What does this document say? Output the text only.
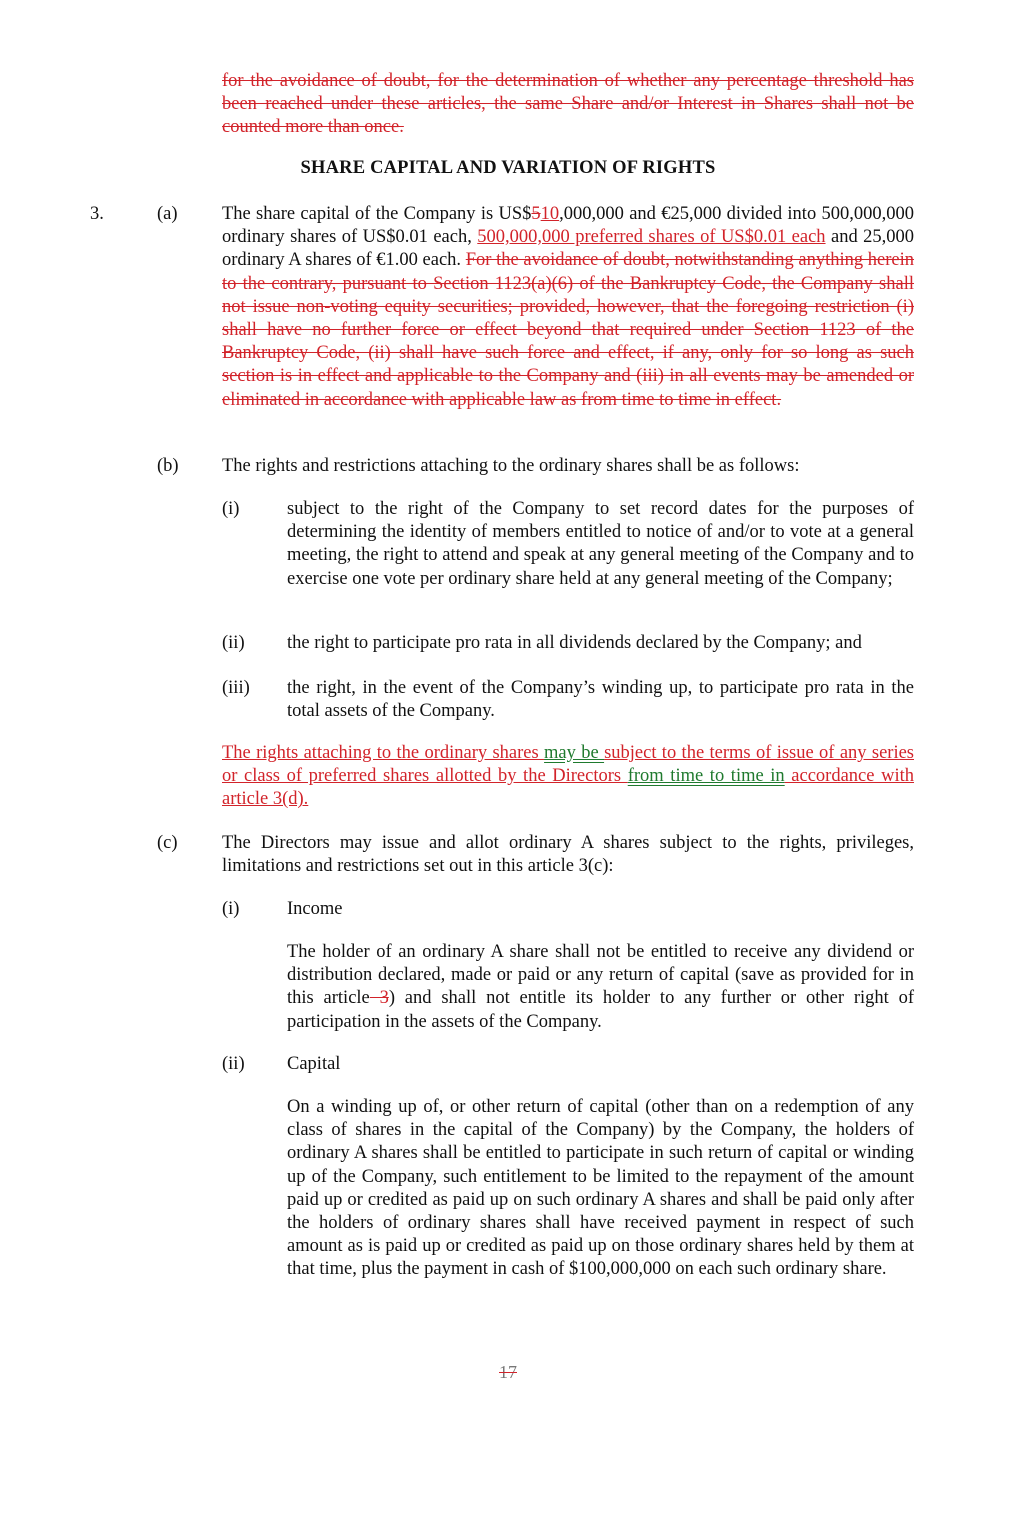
for the avoidance of doubt, for the determination of whether any percentage threshold has been reached under these articles, the same Share and/or Interest in Shares shall not be counted more than once.
SHARE CAPITAL AND VARIATION OF RIGHTS
3.	(a) The share capital of the Company is US$510,000,000 and €25,000 divided into 500,000,000 ordinary shares of US$0.01 each, 500,000,000 preferred shares of US$0.01 each and 25,000 ordinary A shares of €1.00 each. For the avoidance of doubt, notwithstanding anything herein to the contrary, pursuant to Section 1123(a)(6) of the Bankruptcy Code, the Company shall not issue non-voting equity securities; provided, however, that the foregoing restriction (i) shall have no further force or effect beyond that required under Section 1123 of the Bankruptcy Code, (ii) shall have such force and effect, if any, only for so long as such section is in effect and applicable to the Company and (iii) in all events may be amended or eliminated in accordance with applicable law as from time to time in effect.
(b) The rights and restrictions attaching to the ordinary shares shall be as follows:
(i)	subject to the right of the Company to set record dates for the purposes of determining the identity of members entitled to notice of and/or to vote at a general meeting, the right to attend and speak at any general meeting of the Company and to exercise one vote per ordinary share held at any general meeting of the Company;
(ii) the right to participate pro rata in all dividends declared by the Company; and
(iii) the right, in the event of the Company’s winding up, to participate pro rata in the total assets of the Company.
The rights attaching to the ordinary shares may be subject to the terms of issue of any series or class of preferred shares allotted by the Directors from time to time in accordance with article 3(d).
(c) The Directors may issue and allot ordinary A shares subject to the rights, privileges, limitations and restrictions set out in this article 3(c):
(i)	Income
The holder of an ordinary A share shall not be entitled to receive any dividend or distribution declared, made or paid or any return of capital (save as provided for in this article 3) and shall not entitle its holder to any further or other right of participation in the assets of the Company.
(ii) Capital
On a winding up of, or other return of capital (other than on a redemption of any class of shares in the capital of the Company) by the Company, the holders of ordinary A shares shall be entitled to participate in such return of capital or winding up of the Company, such entitlement to be limited to the repayment of the amount paid up or credited as paid up on such ordinary A shares and shall be paid only after the holders of ordinary shares shall have received payment in respect of such amount as is paid up or credited as paid up on those ordinary shares held by them at that time, plus the payment in cash of $100,000,000 on each such ordinary share.
17
